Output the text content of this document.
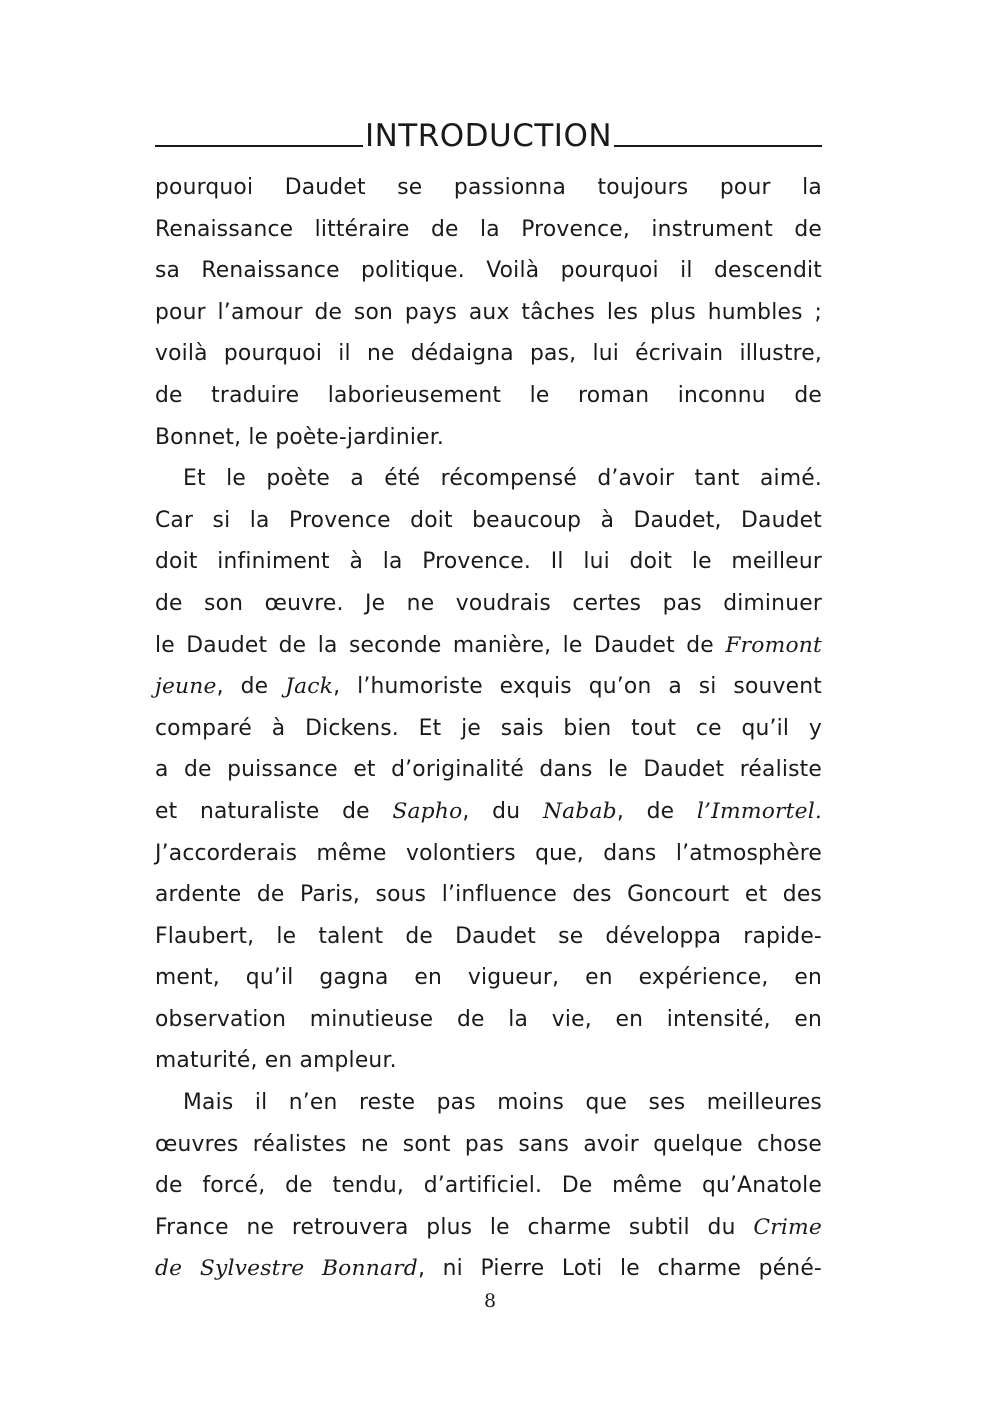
INTRODUCTION
pourquoi Daudet se passionna toujours pour la
Renaissance littéraire de la Provence, instrument de
sa Renaissance politique. Voilà pourquoi il descendit
pour l’amour de son pays aux tâches les plus humbles ;
voilà pourquoi il ne dédaigna pas, lui écrivain illustre,
de traduire laborieusement le roman inconnu de
Bonnet, le poète-jardinier.
Et le poète a été récompensé d’avoir tant aimé.
Car si la Provence doit beaucoup à Daudet, Daudet
doit infiniment à la Provence. Il lui doit le meilleur
de son œuvre. Je ne voudrais certes pas diminuer
le Daudet de la seconde manière, le Daudet de Fromont
jeune, de Jack, l’humoriste exquis qu’on a si souvent
comparé à Dickens. Et je sais bien tout ce qu’il y
a de puissance et d’originalité dans le Daudet réaliste
et naturaliste de Sapho, du Nabab, de l’Immortel.
J’accorderais même volontiers que, dans l’atmosphère
ardente de Paris, sous l’influence des Goncourt et des
Flaubert, le talent de Daudet se développa rapide-
ment, qu’il gagna en vigueur, en expérience, en
observation minutieuse de la vie, en intensité, en
maturité, en ampleur.
Mais il n’en reste pas moins que ses meilleures
œuvres réalistes ne sont pas sans avoir quelque chose
de forcé, de tendu, d’artificiel. De même qu’Anatole
France ne retrouvera plus le charme subtil du Crime
de Sylvestre Bonnard, ni Pierre Loti le charme péné-
8
